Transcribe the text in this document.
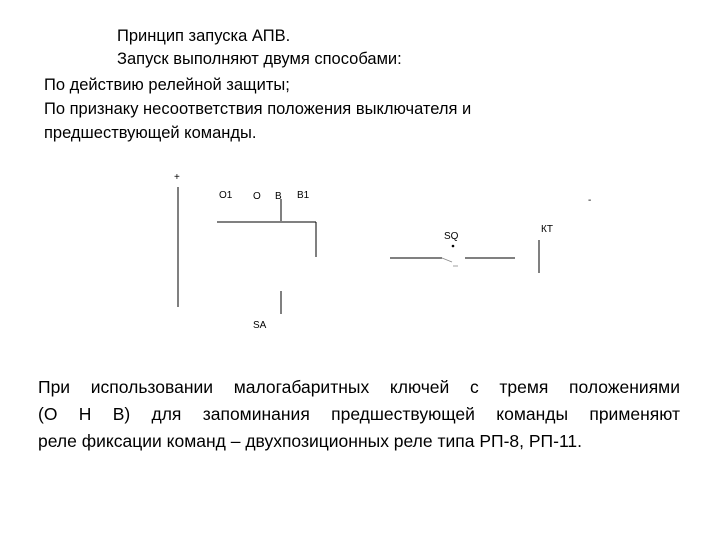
Принцип запуска АПВ.
Запуск выполняют двумя способами:
По действию релейной защиты;
По признаку несоответствия положения выключателя и
предшествующей команды.
+
-
О1 О В В1
SQ
КТ
SA
При использовании малогабаритных ключей с тремя положениями
(О Н В) для запоминания предшествующей команды применяют
реле фиксации команд – двухпозиционных реле типа РП-8, РП-11.
